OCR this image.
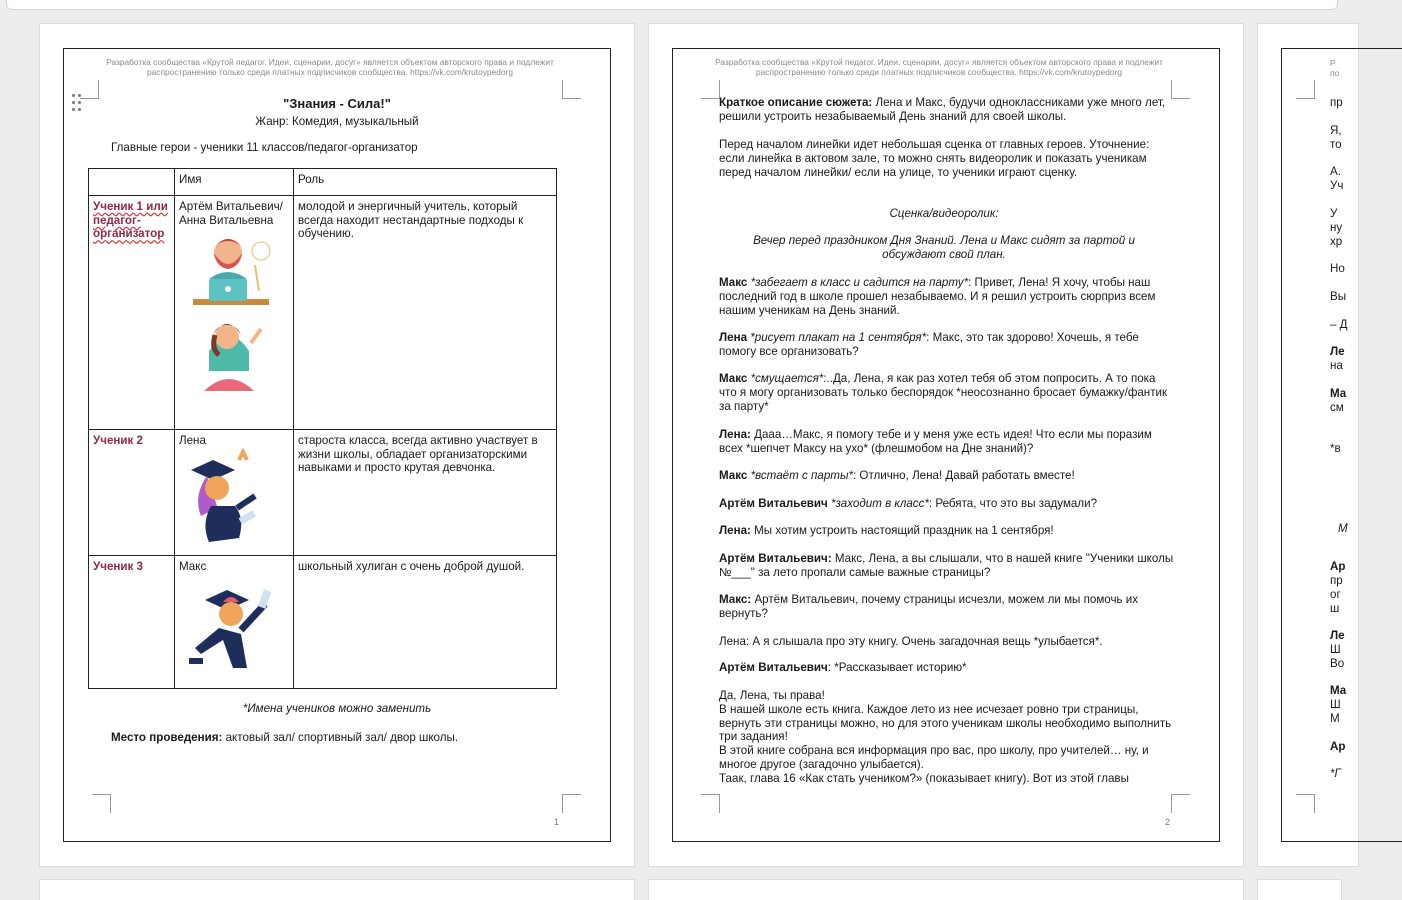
Разработка сообщества «Крутой педагог. Идеи, сценарии, досуг» является объектом авторского права и подлежит распространению только среди платных подписчиков сообщества. https://vk.com/krutoypedorg
"Знания - Сила!"
Жанр: Комедия, музыкальный
Главные герои - ученики 11 классов/педагог-организатор
	Имя	Роль
Ученик 1 или педагог-организатор	Артём Витальевич/ Анна Витальевна	молодой и энергичный учитель, который всегда находит нестандартные подходы к обучению.
Ученик 2	Лена	староста класса, всегда активно участвует в жизни школы, обладает организаторскими навыками и просто крутая девчонка.
Ученик 3	Макс	школьный хулиган с очень доброй душой.
*Имена учеников можно заменить
Место проведения: актовый зал/ спортивный зал/ двор школы.
1
Разработка сообщества «Крутой педагог. Идеи, сценарии, досуг» является объектом авторского права и подлежит распространению только среди платных подписчиков сообщества. https://vk.com/krutoypedorg
Краткое описание сюжета: Лена и Макс, будучи одноклассниками уже много лет, решили устроить незабываемый День знаний для своей школы.
Перед началом линейки идет небольшая сценка от главных героев. Уточнение: если линейка в актовом зале, то можно снять видеоролик и показать ученикам перед началом линейки/ если на улице, то ученики играют сценку.
Сценка/видеоролик:
Вечер перед праздником Дня Знаний. Лена и Макс сидят за партой и обсуждают свой план.
Макс *забегает в класс и садится на парту*: Привет, Лена! Я хочу, чтобы наш последний год в школе прошел незабываемо. И я решил устроить сюрприз всем нашим ученикам на День знаний.
Лена *рисует плакат на 1 сентября*: Макс, это так здорово! Хочешь, я тебе помогу все организовать?
Макс *смущается*:..Да, Лена, я как раз хотел тебя об этом попросить. А то пока что я могу организовать только беспорядок *неосознанно бросает бумажку/фантик за парту*
Лена: Дааа…Макс, я помогу тебе и у меня уже есть идея! Что если мы поразим всех *шепчет Максу на ухо* (флешмобом на Дне знаний)?
Макс *встаёт с парты*: Отлично, Лена! Давай работать вместе!
Артём Витальевич *заходит в класс*: Ребята, что это вы задумали?
Лена: Мы хотим устроить настоящий праздник на 1 сентября!
Артём Витальевич: Макс, Лена, а вы слышали, что в нашей книге "Ученики школы №___" за лето пропали самые важные страницы?
Макс: Артём Витальевич, почему страницы исчезли, можем ли мы помочь их вернуть?
Лена: А я слышала про эту книгу. Очень загадочная вещь *улыбается*.
Артём Витальевич: *Рассказывает историю*
Да, Лена, ты права!
В нашей школе есть книга. Каждое лето из нее исчезает ровно три страницы, вернуть эти страницы можно, но для этого ученикам школы необходимо выполнить три задания!
В этой книге собрана вся информация про вас, про школу, про учителей… ну, и многое другое (загадочно улыбается).
Таак, глава 16 «Как стать учеником?» (показывает книгу). Вот из этой главы
2
Р
по
пр
Я,
то
А.
Уч
У
ну
хр
Но
Вы
– Д
Ле
на
Ма
см
*в
М
Ар
пр
ог
ш
Ле
Ш
Во
Ма
Ш
М
Ар
*Г
